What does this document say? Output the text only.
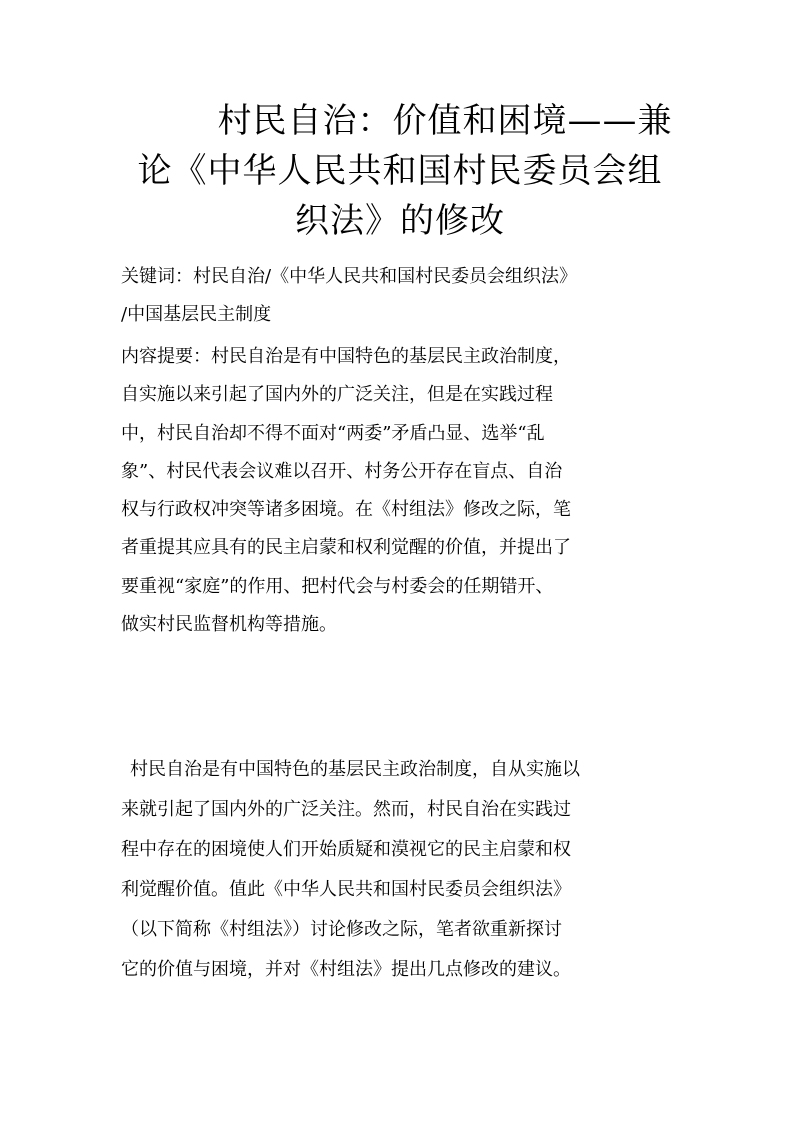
村民自治：价值和困境——兼
论《中华人民共和国村民委员会组
织法》的修改
关键词：村民自治/《中华人民共和国村民委员会组织法》
/中国基层民主制度
内容提要：村民自治是有中国特色的基层民主政治制度，
自实施以来引起了国内外的广泛关注，但是在实践过程
中，村民自治却不得不面对“两委”矛盾凸显、选举“乱
象”、村民代表会议难以召开、村务公开存在盲点、自治
权与行政权冲突等诸多困境。在《村组法》修改之际，笔
者重提其应具有的民主启蒙和权利觉醒的价值，并提出了
要重视“家庭”的作用、把村代会与村委会的任期错开、
做实村民监督机构等措施。
村民自治是有中国特色的基层民主政治制度，自从实施以
来就引起了国内外的广泛关注。然而，村民自治在实践过
程中存在的困境使人们开始质疑和漠视它的民主启蒙和权
利觉醒价值。值此《中华人民共和国村民委员会组织法》
（以下简称《村组法》）讨论修改之际，笔者欲重新探讨
它的价值与困境，并对《村组法》提出几点修改的建议。
